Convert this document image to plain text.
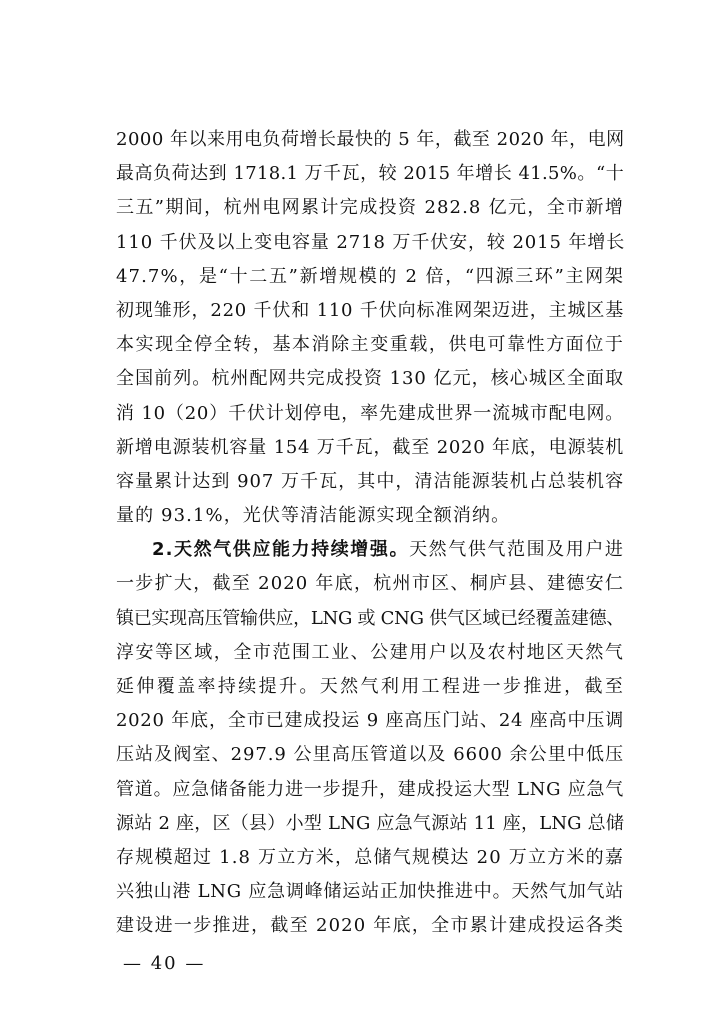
2000 年以来用电负荷增长最快的 5 年，截至 2020 年，电网
最高负荷达到 1718.1 万千瓦，较 2015 年增长 41.5%。“十
三五”期间，杭州电网累计完成投资 282.8 亿元，全市新增
110 千伏及以上变电容量 2718 万千伏安，较 2015 年增长
47.7%，是“十二五”新增规模的 2 倍，“四源三环”主网架
初现雏形，220 千伏和 110 千伏向标准网架迈进，主城区基
本实现全停全转，基本消除主变重载，供电可靠性方面位于
全国前列。杭州配网共完成投资 130 亿元，核心城区全面取
消 10（20）千伏计划停电，率先建成世界一流城市配电网。
新增电源装机容量 154 万千瓦，截至 2020 年底，电源装机
容量累计达到 907 万千瓦，其中，清洁能源装机占总装机容
量的 93.1%，光伏等清洁能源实现全额消纳。
2.天然气供应能力持续增强。天然气供气范围及用户进
一步扩大，截至 2020 年底，杭州市区、桐庐县、建德安仁
镇已实现高压管输供应，LNG 或 CNG 供气区域已经覆盖建德、
淳安等区域，全市范围工业、公建用户以及农村地区天然气
延伸覆盖率持续提升。天然气利用工程进一步推进，截至
2020 年底，全市已建成投运 9 座高压门站、24 座高中压调
压站及阀室、297.9 公里高压管道以及 6600 余公里中低压
管道。应急储备能力进一步提升，建成投运大型 LNG 应急气
源站 2 座，区（县）小型 LNG 应急气源站 11 座，LNG 总储
存规模超过 1.8 万立方米，总储气规模达 20 万立方米的嘉
兴独山港 LNG 应急调峰储运站正加快推进中。天然气加气站
建设进一步推进，截至 2020 年底，全市累计建成投运各类
— 40 —
